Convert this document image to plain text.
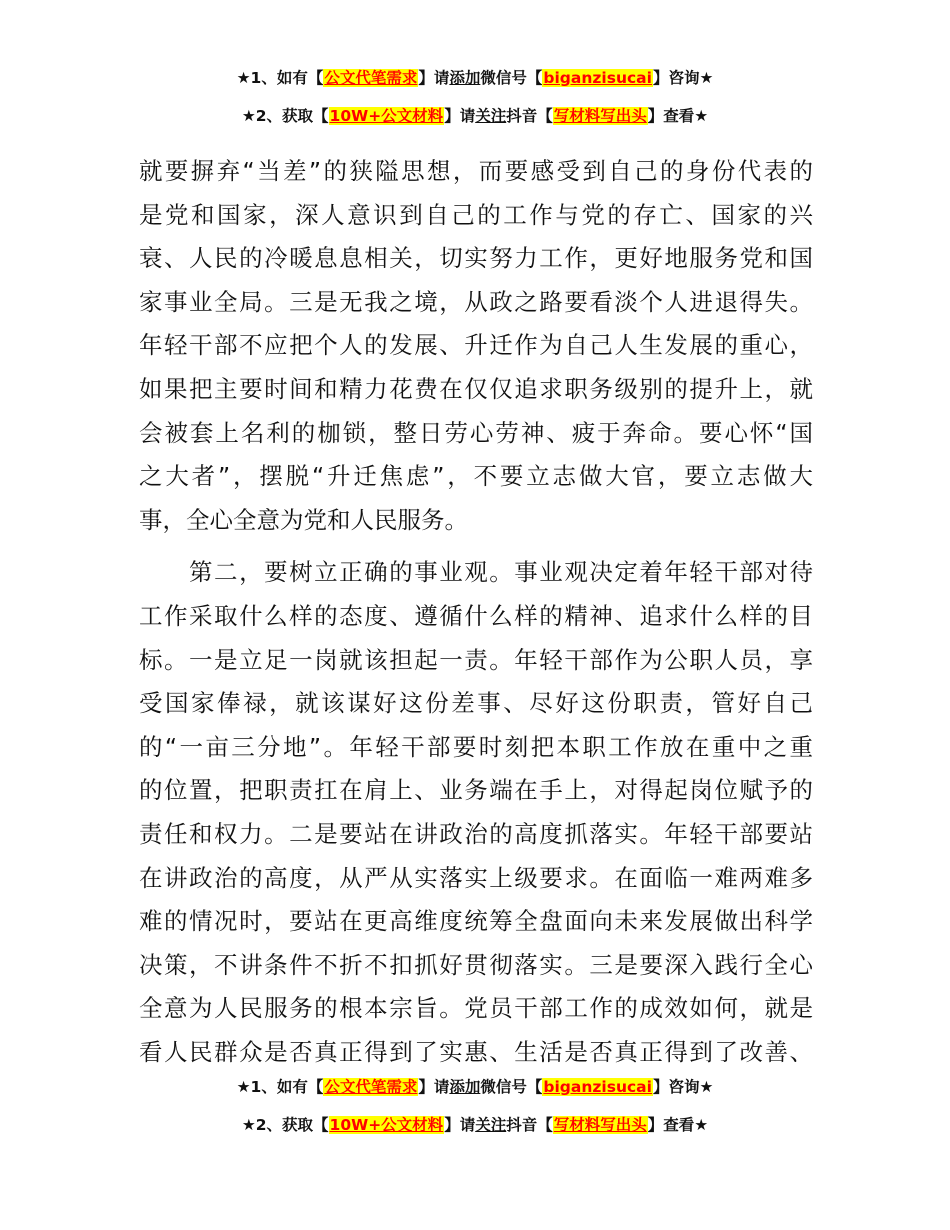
★1、如有【公文代笔需求】请添加微信号【biganzisucai】咨询★
★2、获取【10W+公文材料】请关注抖音【写材料写出头】查看★
就要摒弃“当差”的狭隘思想，而要感受到自己的身份代表的
是党和国家，深人意识到自己的工作与党的存亡、国家的兴
衰、人民的冷暖息息相关，切实努力工作，更好地服务党和国
家事业全局。三是无我之境，从政之路要看淡个人进退得失。
年轻干部不应把个人的发展、升迁作为自己人生发展的重心，
如果把主要时间和精力花费在仅仅追求职务级别的提升上，就
会被套上名利的枷锁，整日劳心劳神、疲于奔命。要心怀“国
之大者”，摆脱“升迁焦虑”，不要立志做大官，要立志做大
事，全心全意为党和人民服务。
　　第二，要树立正确的事业观。事业观决定着年轻干部对待
工作采取什么样的态度、遵循什么样的精神、追求什么样的目
标。一是立足一岗就该担起一责。年轻干部作为公职人员，享
受国家俸禄，就该谋好这份差事、尽好这份职责，管好自己
的“一亩三分地”。年轻干部要时刻把本职工作放在重中之重
的位置，把职责扛在肩上、业务端在手上，对得起岗位赋予的
责任和权力。二是要站在讲政治的高度抓落实。年轻干部要站
在讲政治的高度，从严从实落实上级要求。在面临一难两难多
难的情况时，要站在更高维度统筹全盘面向未来发展做出科学
决策，不讲条件不折不扣抓好贯彻落实。三是要深入践行全心
全意为人民服务的根本宗旨。党员干部工作的成效如何，就是
看人民群众是否真正得到了实惠、生活是否真正得到了改善、
★1、如有【公文代笔需求】请添加微信号【biganzisucai】咨询★
★2、获取【10W+公文材料】请关注抖音【写材料写出头】查看★
